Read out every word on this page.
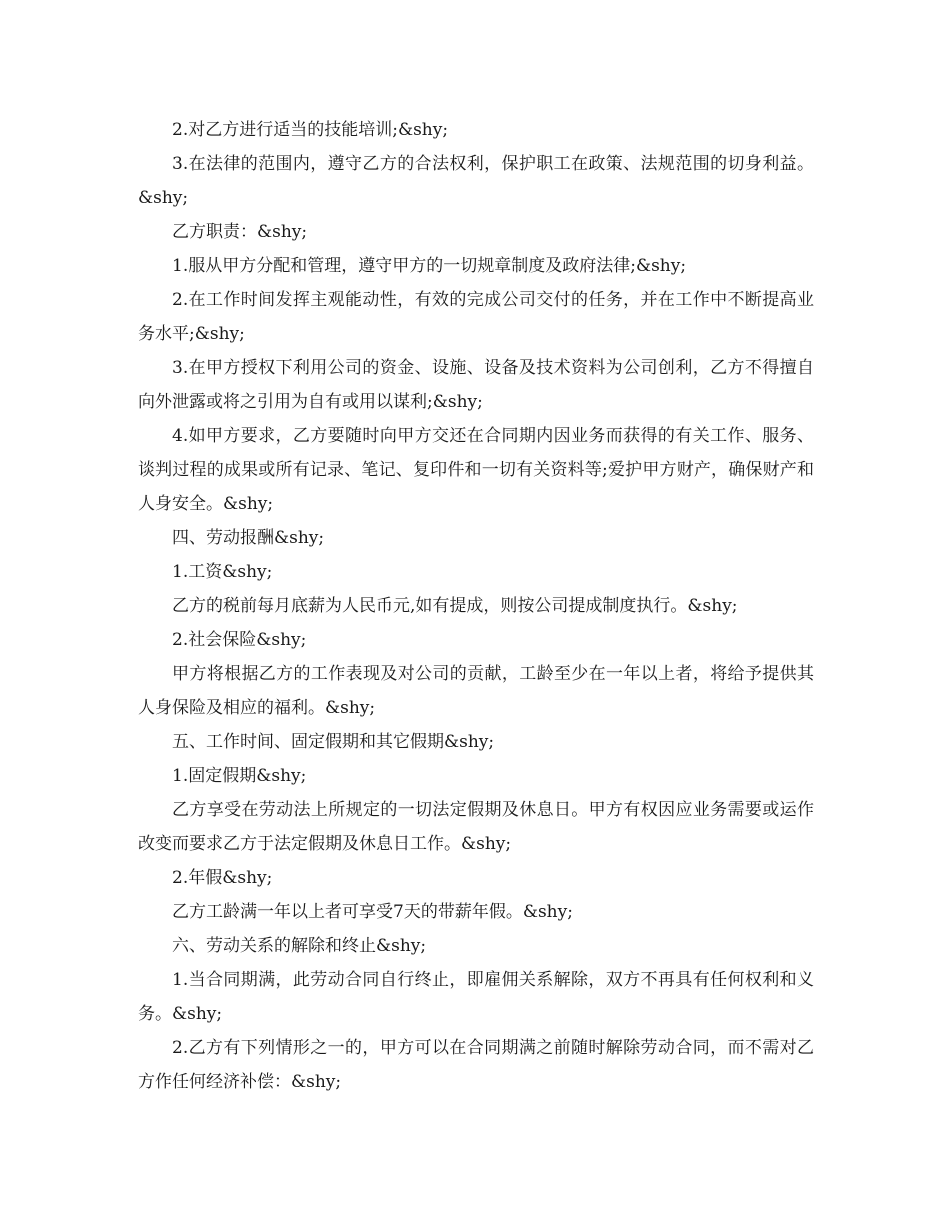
2.对乙方进行适当的技能培训;&shy;

3.在法律的范围内，遵守乙方的合法权利，保护职工在政策、法规范围的切身利益。&shy;

乙方职责：&shy;

1.服从甲方分配和管理，遵守甲方的一切规章制度及政府法律;&shy;

2.在工作时间发挥主观能动性，有效的完成公司交付的任务，并在工作中不断提高业务水平;&shy;

3.在甲方授权下利用公司的资金、设施、设备及技术资料为公司创利，乙方不得擅自向外泄露或将之引用为自有或用以谋利;&shy;

4.如甲方要求，乙方要随时向甲方交还在合同期内因业务而获得的有关工作、服务、谈判过程的成果或所有记录、笔记、复印件和一切有关资料等;爱护甲方财产，确保财产和人身安全。&shy;

四、劳动报酬&shy;

1.工资&shy;

乙方的税前每月底薪为人民币元,如有提成，则按公司提成制度执行。&shy;

2.社会保险&shy;

甲方将根据乙方的工作表现及对公司的贡献，工龄至少在一年以上者，将给予提供其人身保险及相应的福利。&shy;

五、工作时间、固定假期和其它假期&shy;

1.固定假期&shy;

乙方享受在劳动法上所规定的一切法定假期及休息日。甲方有权因应业务需要或运作改变而要求乙方于法定假期及休息日工作。&shy;

2.年假&shy;

乙方工龄满一年以上者可享受7天的带薪年假。&shy;

六、劳动关系的解除和终止&shy;

1.当合同期满，此劳动合同自行终止，即雇佣关系解除，双方不再具有任何权利和义务。&shy;

2.乙方有下列情形之一的，甲方可以在合同期满之前随时解除劳动合同，而不需对乙方作任何经济补偿：&shy;
